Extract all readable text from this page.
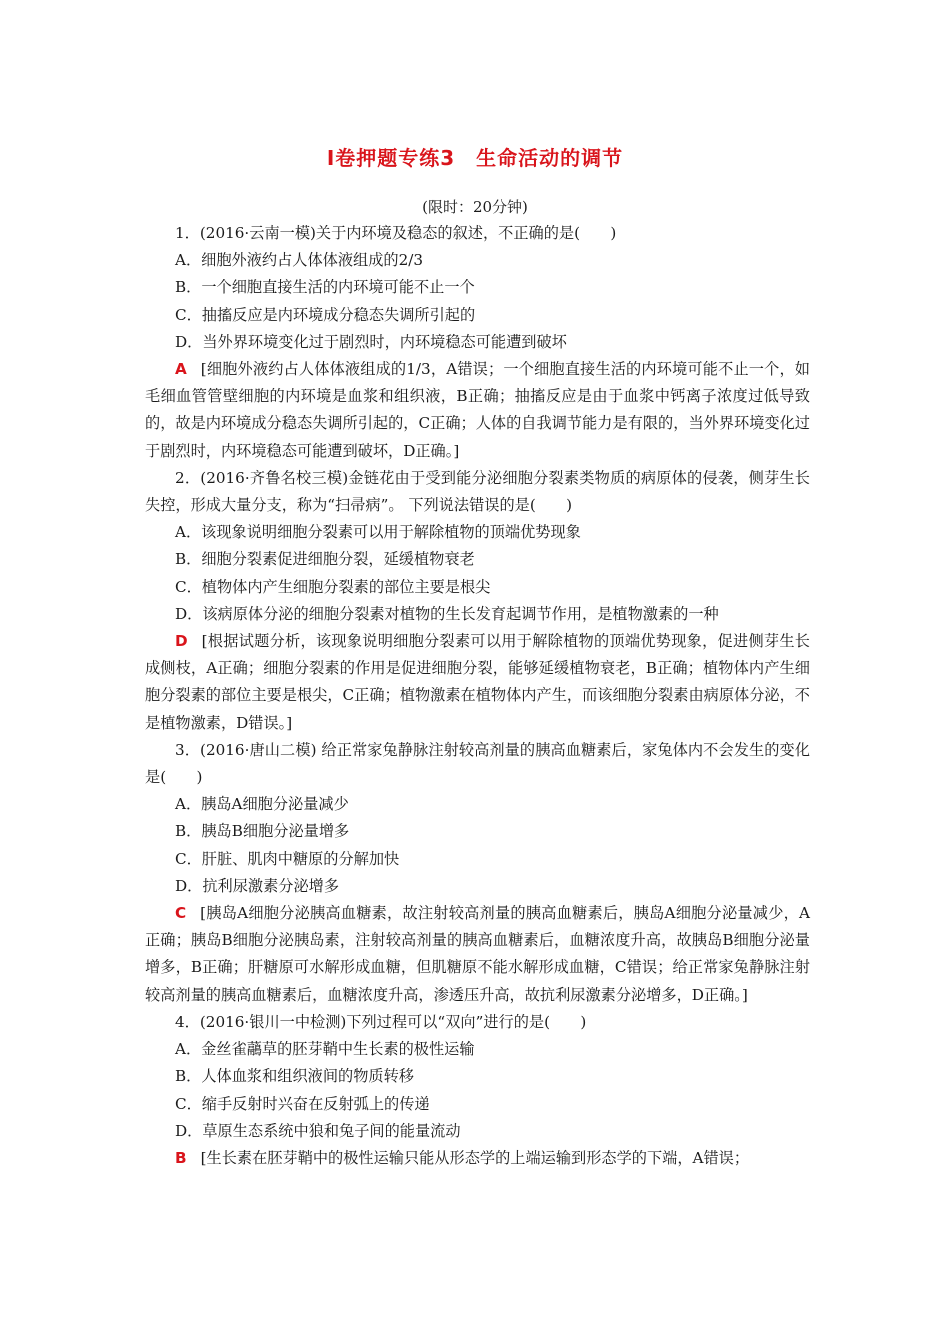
Ⅰ卷押题专练3　生命活动的调节
(限时：20分钟)

1．(2016·云南一模)关于内环境及稳态的叙述，不正确的是(　　)

A．细胞外液约占人体体液组成的2/3

B．一个细胞直接生活的内环境可能不止一个

C．抽搐反应是内环境成分稳态失调所引起的

D．当外界环境变化过于剧烈时，内环境稳态可能遭到破坏

A [细胞外液约占人体体液组成的1/3，A错误；一个细胞直接生活的内环境可能不止一个，如毛细血管管壁细胞的内环境是血浆和组织液，B正确；抽搐反应是由于血浆中钙离子浓度过低导致的，故是内环境成分稳态失调所引起的，C正确；人体的自我调节能力是有限的，当外界环境变化过于剧烈时，内环境稳态可能遭到破坏，D正确。]

2．(2016·齐鲁名校三模)金链花由于受到能分泌细胞分裂素类物质的病原体的侵袭，侧芽生长失控，形成大量分支，称为“扫帚病”。 下列说法错误的是(　　)

A．该现象说明细胞分裂素可以用于解除植物的顶端优势现象

B．细胞分裂素促进细胞分裂，延缓植物衰老

C．植物体内产生细胞分裂素的部位主要是根尖

D．该病原体分泌的细胞分裂素对植物的生长发育起调节作用，是植物激素的一种

D [根据试题分析，该现象说明细胞分裂素可以用于解除植物的顶端优势现象，促进侧芽生长成侧枝，A正确；细胞分裂素的作用是促进细胞分裂，能够延缓植物衰老，B正确；植物体内产生细胞分裂素的部位主要是根尖，C正确；植物激素在植物体内产生，而该细胞分裂素由病原体分泌，不是植物激素，D错误。]

3．(2016·唐山二模) 给正常家兔静脉注射较高剂量的胰高血糖素后，家兔体内不会发生的变化是(　　)

A．胰岛A细胞分泌量减少

B．胰岛B细胞分泌量增多

C．肝脏、肌肉中糖原的分解加快

D．抗利尿激素分泌增多

C [胰岛A细胞分泌胰高血糖素，故注射较高剂量的胰高血糖素后，胰岛A细胞分泌量减少，A正确；胰岛B细胞分泌胰岛素，注射较高剂量的胰高血糖素后，血糖浓度升高，故胰岛B细胞分泌量增多，B正确；肝糖原可水解形成血糖，但肌糖原不能水解形成血糖，C错误；给正常家兔静脉注射较高剂量的胰高血糖素后，血糖浓度升高，渗透压升高，故抗利尿激素分泌增多，D正确。]

4．(2016·银川一中检测)下列过程可以“双向”进行的是(　　)

A．金丝雀虉草的胚芽鞘中生长素的极性运输

B．人体血浆和组织液间的物质转移

C．缩手反射时兴奋在反射弧上的传递

D．草原生态系统中狼和兔子间的能量流动

B [生长素在胚芽鞘中的极性运输只能从形态学的上端运输到形态学的下端，A错误；
